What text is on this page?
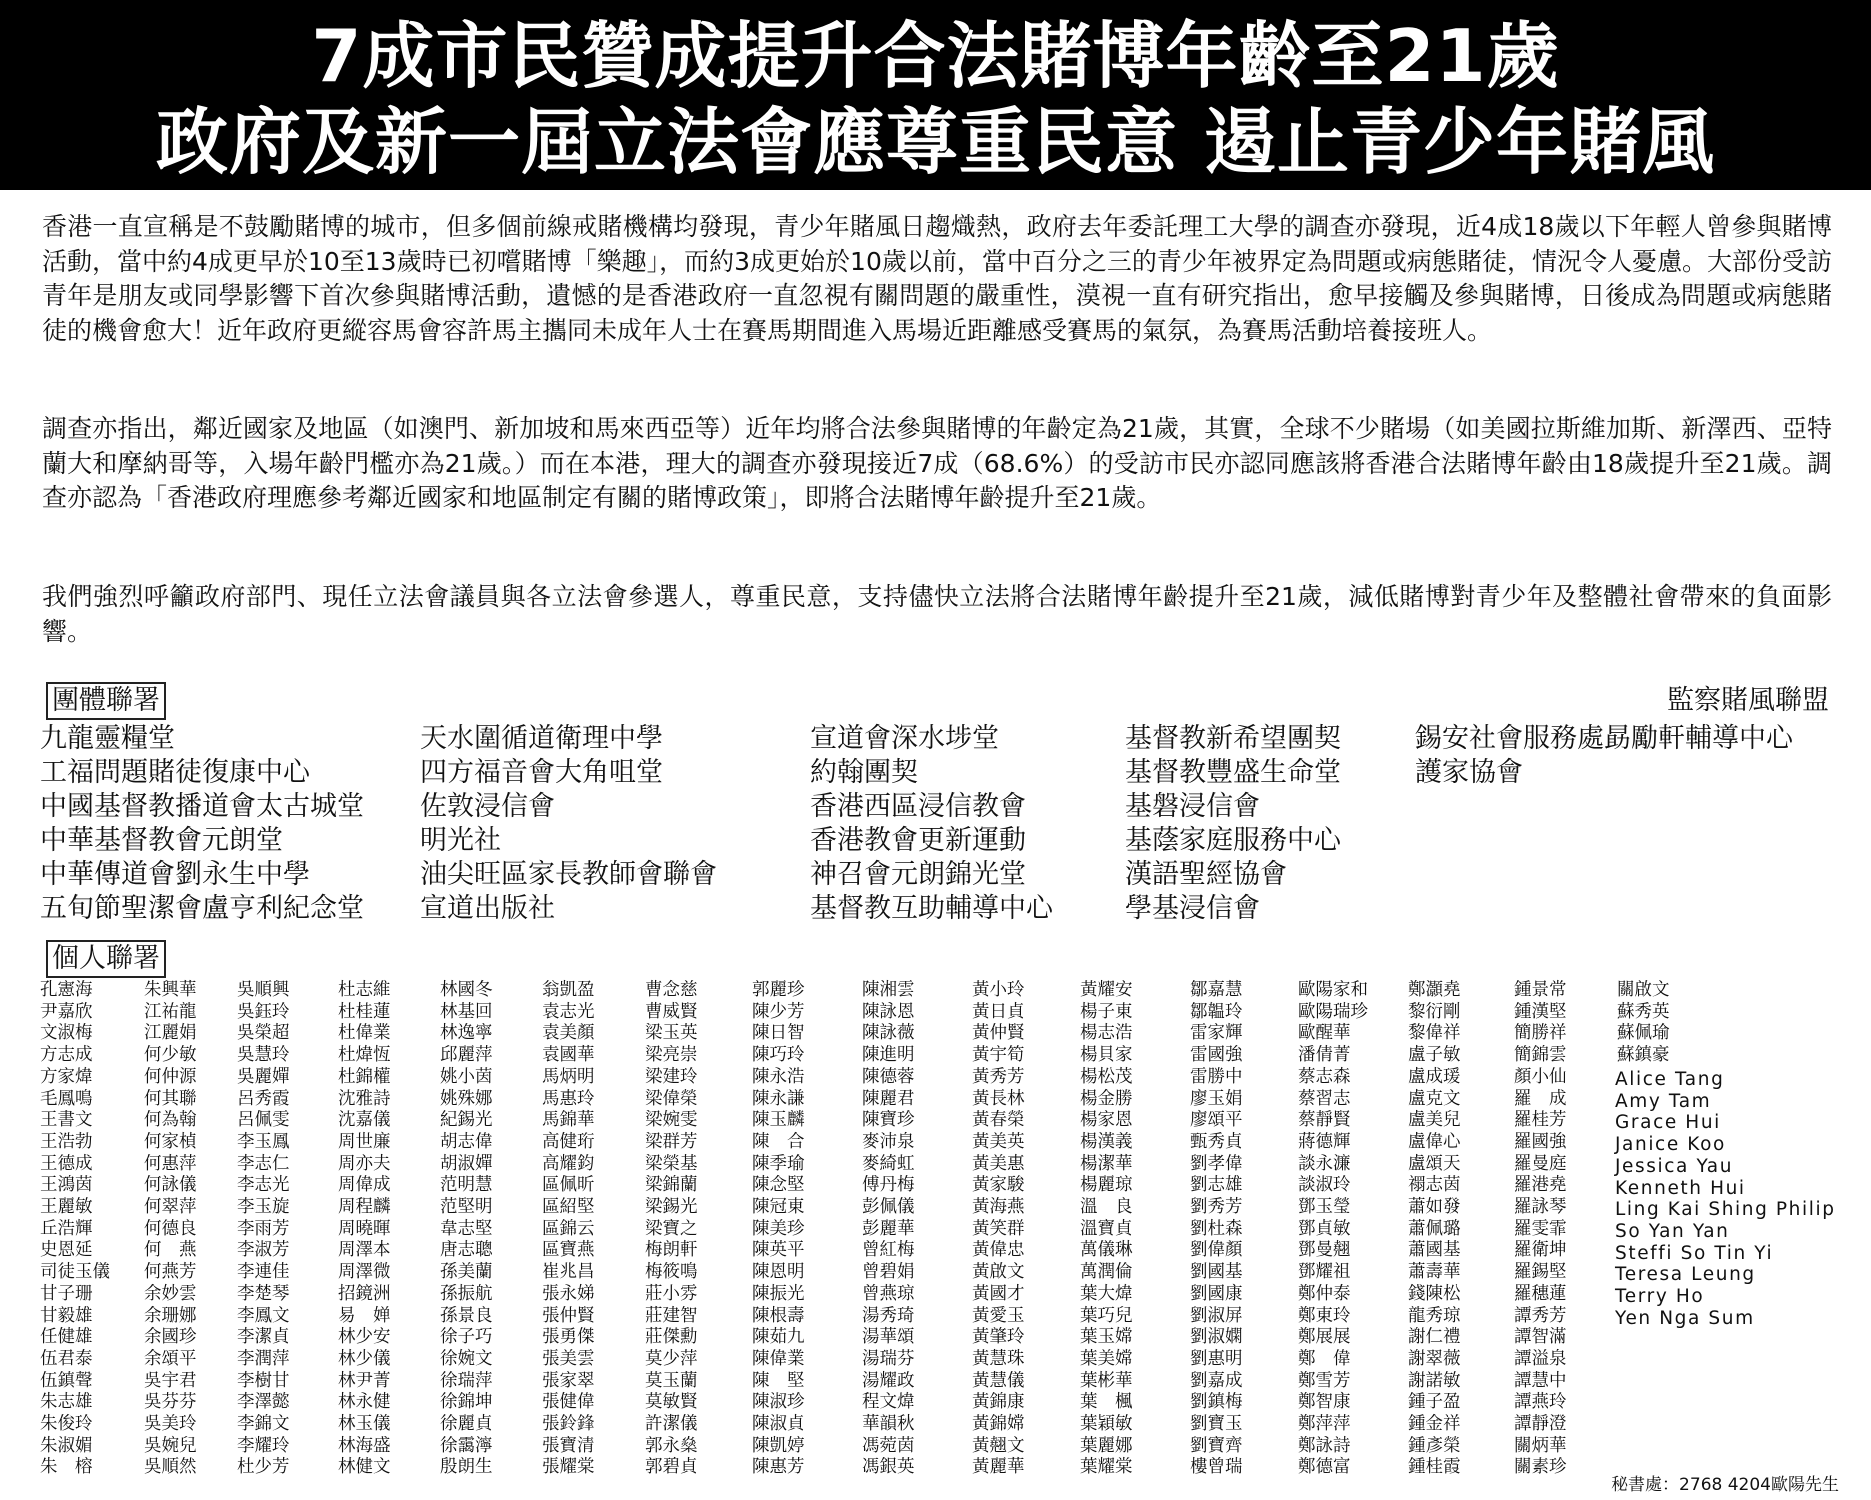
7成市民贊成提升合法賭博年齡至21歲
政府及新一屆立法會應尊重民意 遏止青少年賭風
香港一直宣稱是不鼓勵賭博的城市，但多個前線戒賭機構均發現，青少年賭風日趨熾熱，政府去年委託理工大學的調查亦發現，近4成18歲以下年輕人曾參與賭博活動，當中約4成更早於10至13歲時已初嚐賭博「樂趣」，而約3成更始於10歲以前，當中百分之三的青少年被界定為問題或病態賭徒，情況令人憂慮。大部份受訪青年是朋友或同學影響下首次參與賭博活動，遺憾的是香港政府一直忽視有關問題的嚴重性，漠視一直有研究指出，愈早接觸及參與賭博，日後成為問題或病態賭徒的機會愈大！近年政府更縱容馬會容許馬主攜同未成年人士在賽馬期間進入馬場近距離感受賽馬的氣氛，為賽馬活動培養接班人。
調查亦指出，鄰近國家及地區（如澳門、新加坡和馬來西亞等）近年均將合法參與賭博的年齡定為21歲，其實，全球不少賭場（如美國拉斯維加斯、新澤西、亞特蘭大和摩納哥等，入場年齡門檻亦為21歲。）而在本港，理大的調查亦發現接近7成（68.6%）的受訪市民亦認同應該將香港合法賭博年齡由18歲提升至21歲。調查亦認為「香港政府理應參考鄰近國家和地區制定有關的賭博政策」，即將合法賭博年齡提升至21歲。
我們強烈呼籲政府部門、現任立法會議員與各立法會參選人，尊重民意，支持儘快立法將合法賭博年齡提升至21歲，減低賭博對青少年及整體社會帶來的負面影響。
團體聯署	監察賭風聯盟
九龍靈糧堂
工福問題賭徒復康中心
中國基督教播道會太古城堂
中華基督教會元朗堂
中華傳道會劉永生中學
五旬節聖潔會盧亨利紀念堂
天水圍循道衛理中學
四方福音會大角咀堂
佐敦浸信會
明光社
油尖旺區家長教師會聯會
宣道出版社
宣道會深水埗堂
約翰團契
香港西區浸信教會
香港教會更新運動
神召會元朗錦光堂
基督教互助輔導中心
基督教新希望團契
基督教豐盛生命堂
基磐浸信會
基蔭家庭服務中心
漢語聖經協會
學基浸信會
錫安社會服務處勗勵軒輔導中心
護家協會
個人聯署
孔憲海
尹嘉欣
文淑梅
方志成
方家煒
毛鳳鳴
王書文
王浩勃
王德成
王鴻茵
王麗敏
丘浩輝
史恩延
司徒玉儀
甘子珊
甘毅雄
任健雄
伍君泰
伍鎮聲
朱志雄
朱俊玲
朱淑媚
朱　榕
朱興華
江祐龍
江麗娟
何少敏
何仲源
何其聯
何為翰
何家楨
何惠萍
何詠儀
何翠萍
何德良
何　燕
何燕芳
余妙雲
余珊娜
余國珍
余頌平
吳宇君
吳芬芬
吳美玲
吳婉兒
吳順然
吳順興
吳鈺玲
吳榮超
吳慧玲
吳麗嬋
呂秀霞
呂佩雯
李玉鳳
李志仁
李志光
李玉旋
李雨芳
李淑芳
李連佳
李楚琴
李鳳文
李潔貞
李潤萍
李樹甘
李澤懿
李錦文
李耀玲
杜少芳
杜志維
杜桂蓮
杜偉業
杜煒恆
杜錦權
沈雅詩
沈嘉儀
周世廉
周亦夫
周偉成
周程麟
周曉暉
周澤本
周澤微
招鏡洲
易　婵
林少安
林少儀
林尹菁
林永健
林玉儀
林海盛
林健文
林國冬
林基回
林逸寧
邱麗萍
姚小茵
姚殊娜
紀錫光
胡志偉
胡淑嬋
范明慧
范堅明
韋志堅
唐志聰
孫美蘭
孫振航
孫景良
徐子巧
徐婉文
徐瑞萍
徐錦坤
徐麗貞
徐靄濘
殷朗生
翁凱盈
袁志光
袁美顏
袁國華
馬炳明
馬惠玲
馬錦華
高健珩
高耀鈞
區佩昕
區紹堅
區錦云
區寶燕
崔兆昌
張永娣
張仲賢
張勇傑
張美雲
張家翠
張健偉
張鈴鋒
張寶清
張耀棠
曹念慈
曹威賢
梁玉英
梁亮崇
梁建玲
梁偉榮
梁婉雯
梁群芳
梁榮基
梁錦蘭
梁錫光
梁寶之
梅朗軒
梅筱鳴
莊小雰
莊建智
莊傑勳
莫少萍
莫玉蘭
莫敏賢
許潔儀
郭永燊
郭碧貞
郭麗珍
陳少芳
陳日智
陳巧玲
陳永浩
陳永謙
陳玉麟
陳　合
陳季瑜
陳念堅
陳冠東
陳美珍
陳英平
陳恩明
陳振光
陳根壽
陳茹九
陳偉業
陳　堅
陳淑珍
陳淑貞
陳凱婷
陳惠芳
陳湘雲
陳詠恩
陳詠薇
陳進明
陳德蓉
陳麗君
陳寶珍
麥沛泉
麥綺虹
傅丹梅
彭佩儀
彭麗華
曾紅梅
曾碧娟
曾燕琼
湯秀琦
湯華頌
湯瑞芬
湯耀政
程文煒
華韻秋
馮菀茵
馮銀英
黃小玲
黃日貞
黃仲賢
黃宇筍
黃秀芳
黃長林
黃春榮
黃美英
黃美惠
黃家駿
黃海燕
黃笑群
黃偉忠
黃啟文
黃國才
黃愛玉
黃肇玲
黃慧珠
黃慧儀
黃錦康
黃錦嫦
黃翹文
黃麗華
黃耀安
楊子東
楊志浩
楊貝家
楊松茂
楊金勝
楊家恩
楊漢義
楊潔華
楊麗琼
溫　良
溫寶貞
萬儀琳
萬潤倫
葉大煒
葉巧兒
葉玉嫦
葉美嫦
葉彬華
葉　楓
葉穎敏
葉麗娜
葉耀棠
鄒嘉慧
鄒韞玲
雷家輝
雷國強
雷勝中
廖玉娟
廖頌平
甄秀貞
劉孝偉
劉志雄
劉秀芳
劉杜森
劉偉顏
劉國基
劉國康
劉淑屏
劉淑嫻
劉惠明
劉嘉成
劉鎮梅
劉寶玉
劉寶齊
樓曾瑞
歐陽家和
歐陽瑞珍
歐醒華
潘倩菁
蔡志森
蔡習志
蔡靜賢
蔣德輝
談永濂
談淑玲
鄧玉瑩
鄧貞敏
鄧曼翹
鄧耀祖
鄭仲泰
鄭東玲
鄭展展
鄭　偉
鄭雪芳
鄭智康
鄭萍萍
鄭詠詩
鄭德富
鄭灝堯
黎衍剛
黎偉祥
盧子敏
盧成瑗
盧克文
盧美兒
盧偉心
盧頌天
禤志茵
蕭如發
蕭佩璐
蕭國基
蕭壽華
錢陳松
龍秀琼
謝仁禮
謝翠薇
謝諾敏
鍾子盈
鍾金祥
鍾彥榮
鍾桂霞
鍾景常
鍾漢堅
簡勝祥
簡錦雲
顏小仙
羅　成
羅桂芳
羅國強
羅曼庭
羅港堯
羅詠琴
羅雯霏
羅衛坤
羅錫堅
羅穗蓮
譚秀芳
譚智滿
譚溢泉
譚慧中
譚燕玲
譚靜澄
關炳華
關素珍
關啟文
蘇秀英
蘇佩瑜
蘇鎮豪
Alice Tang
Amy Tam
Grace Hui
Janice Koo
Jessica Yau
Kenneth Hui
Ling Kai Shing Philip
So Yan Yan
Steffi So Tin Yi
Teresa Leung
Terry Ho
Yen Nga Sum
秘書處：2768 4204歐陽先生
